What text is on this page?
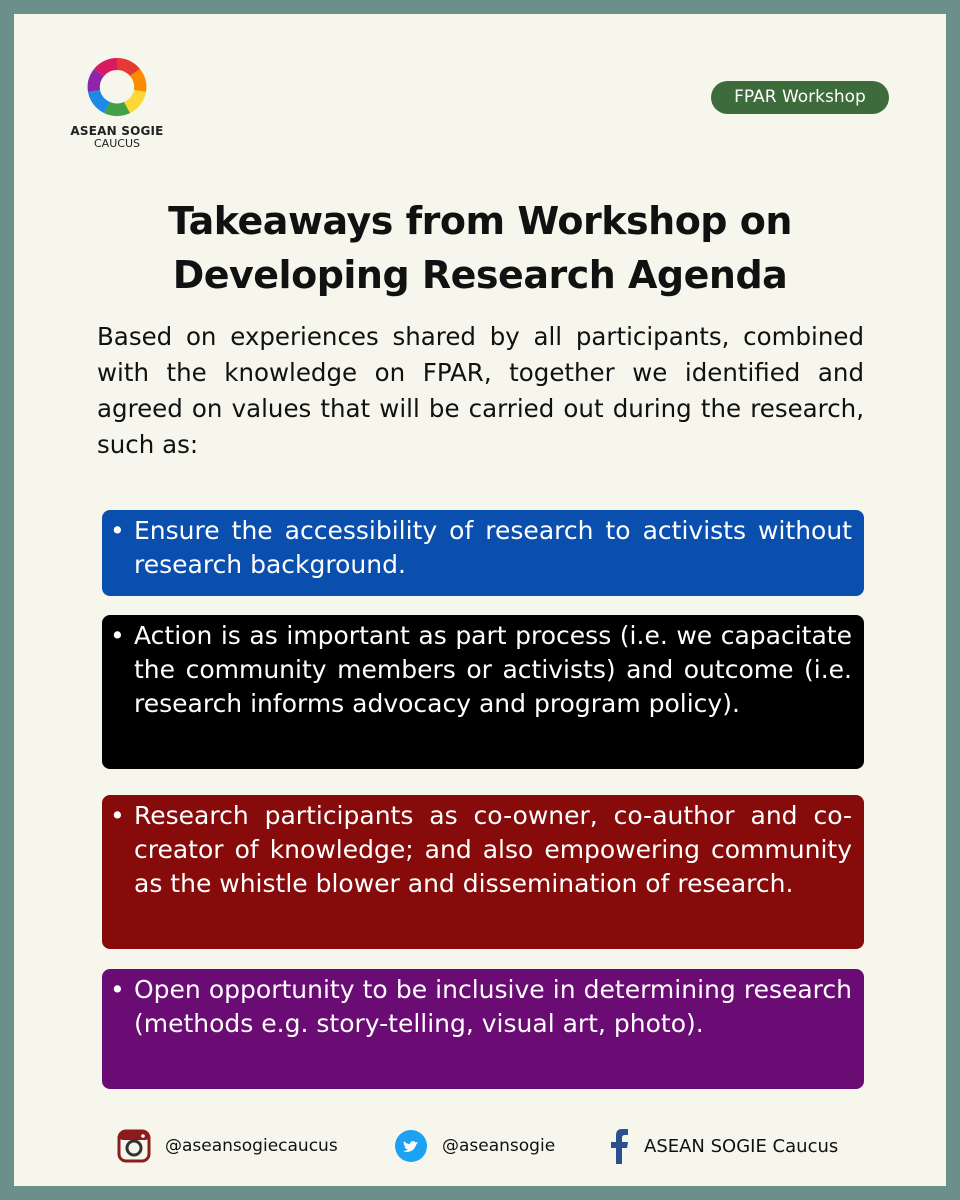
ASEAN SOGIE
CAUCUS
FPAR Workshop
Takeaways from Workshop on
Developing Research Agenda

Based on experiences shared by all participants, combined with the knowledge on FPAR, together we identified and agreed on values that will be carried out during the research, such as:

• Ensure the accessibility of research to activists without research background.
• Action is as important as part process (i.e. we capacitate the community members or activists) and outcome (i.e. research informs advocacy and program policy).
• Research participants as co-owner, co-author and co-creator of knowledge; and also empowering community as the whistle blower and dissemination of research.
• Open opportunity to be inclusive in determining research (methods e.g. story-telling, visual art, photo).
@aseansogiecaucus	@aseansogie	ASEAN SOGIE Caucus
